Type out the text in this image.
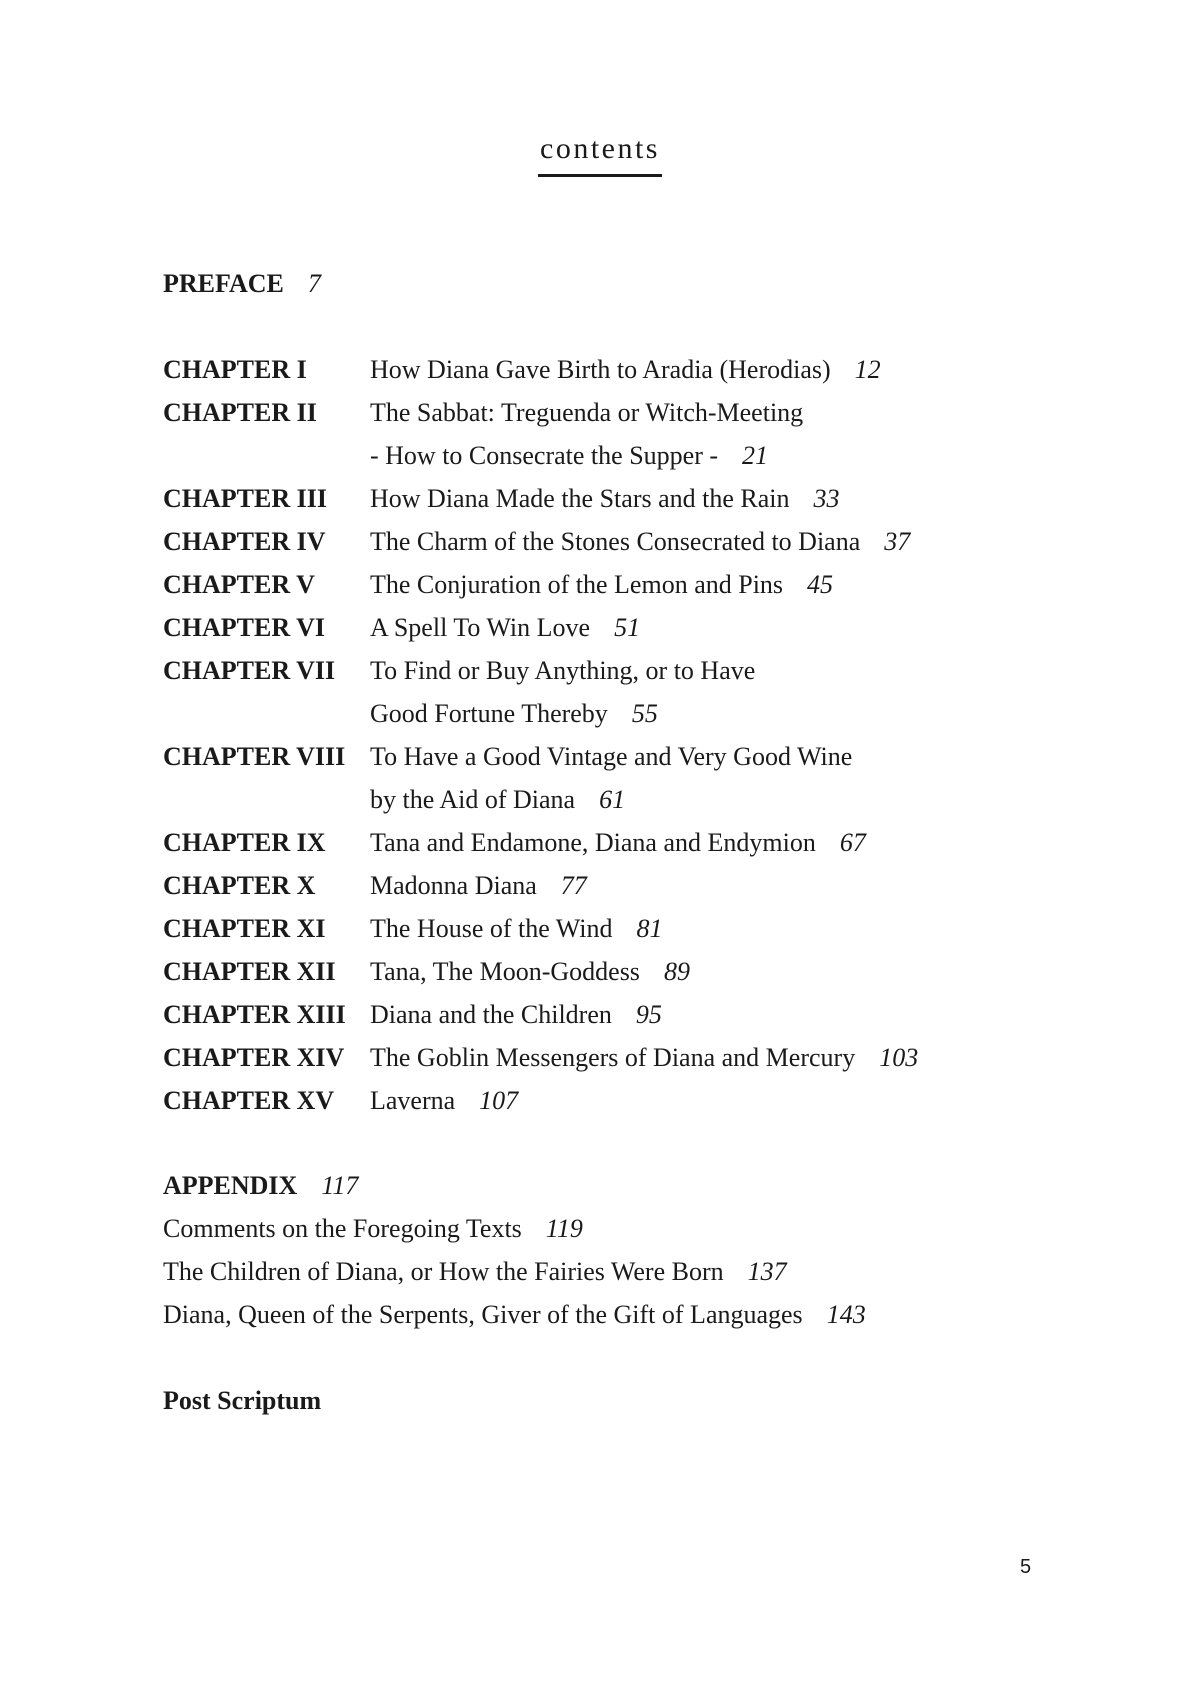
contents
PREFACE 7
CHAPTER I	How Diana Gave Birth to Aradia (Herodias) 12
CHAPTER II	The Sabbat: Treguenda or Witch-Meeting
- How to Consecrate the Supper - 21
CHAPTER III	How Diana Made the Stars and the Rain 33
CHAPTER IV	The Charm of the Stones Consecrated to Diana 37
CHAPTER V	The Conjuration of the Lemon and Pins 45
CHAPTER VI	A Spell To Win Love 51
CHAPTER VII	To Find or Buy Anything, or to Have
Good Fortune Thereby 55
CHAPTER VIII To Have a Good Vintage and Very Good Wine
by the Aid of Diana 61
CHAPTER IX	Tana and Endamone, Diana and Endymion 67
CHAPTER X	Madonna Diana 77
CHAPTER XI	The House of the Wind 81
CHAPTER XII	Tana, The Moon-Goddess 89
CHAPTER XIII Diana and the Children 95
CHAPTER XIV The Goblin Messengers of Diana and Mercury 103
CHAPTER XV	Laverna 107
APPENDIX 117
Comments on the Foregoing Texts 119
The Children of Diana, or How the Fairies Were Born 137
Diana, Queen of the Serpents, Giver of the Gift of Languages 143
Post Scriptum
5
